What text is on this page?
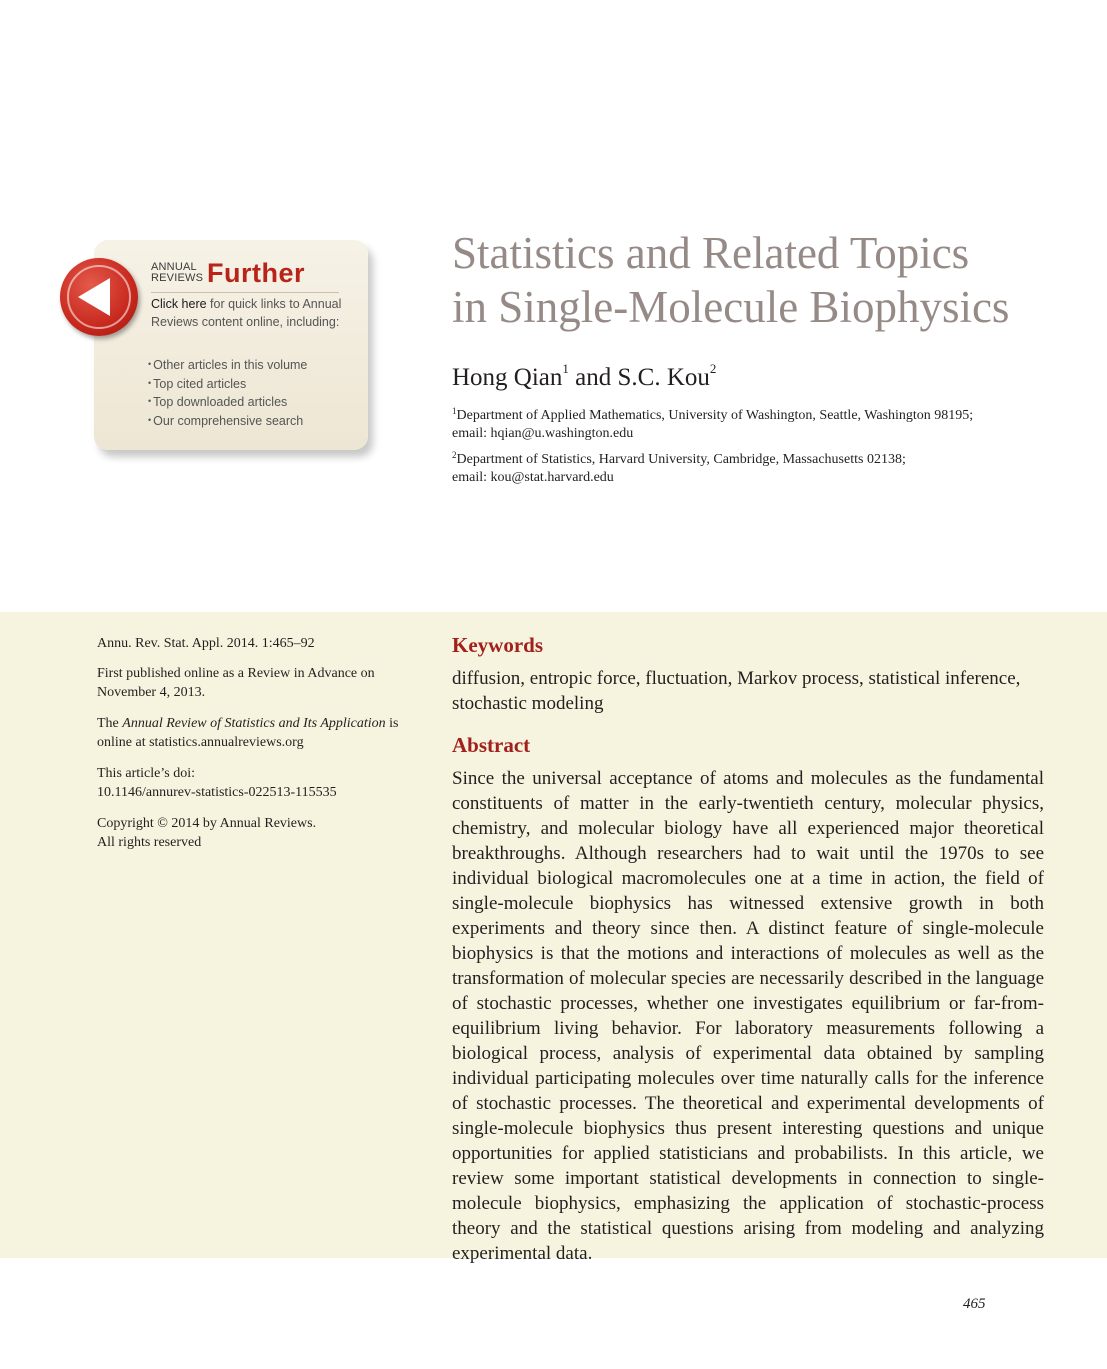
ANNUAL
REVIEWS Further
Click here for quick links to Annual Reviews content online, including:
• Other articles in this volume
• Top cited articles
• Top downloaded articles
• Our comprehensive search
Statistics and Related Topics
in Single-Molecule Biophysics
Hong Qian$^1$ and S.C. Kou$^2$
$^1$Department of Applied Mathematics, University of Washington, Seattle, Washington 98195;
email: hqian@u.washington.edu
$^2$Department of Statistics, Harvard University, Cambridge, Massachusetts 02138;
email: kou@stat.harvard.edu
Annu. Rev. Stat. Appl. 2014. 1:465–92
First published online as a Review in Advance on November 4, 2013.
The Annual Review of Statistics and Its Application is online at statistics.annualreviews.org
This article’s doi:
10.1146/annurev-statistics-022513-115535
Copyright © 2014 by Annual Reviews.
All rights reserved
Keywords
diffusion, entropic force, fluctuation, Markov process, statistical inference, stochastic modeling
Abstract

Since the universal acceptance of atoms and molecules as the fundamental constituents of matter in the early-twentieth century, molecular physics, chemistry, and molecular biology have all experienced major theoretical breakthroughs. Although researchers had to wait until the 1970s to see individual biological macromolecules one at a time in action, the field of single-molecule biophysics has witnessed extensive growth in both experiments and theory since then. A distinct feature of single-molecule biophysics is that the motions and interactions of molecules as well as the transformation of molecular species are necessarily described in the language of stochastic processes, whether one investigates equilibrium or far-from-equilibrium living behavior. For laboratory measurements following a biological process, analysis of experimental data obtained by sampling individual participating molecules over time naturally calls for the inference of stochastic processes. The theoretical and experimental developments of single-molecule biophysics thus present interesting questions and unique opportunities for applied statisticians and probabilists. In this article, we review some important statistical developments in connection to single-molecule biophysics, emphasizing the application of stochastic-process theory and the statistical questions arising from modeling and analyzing experimental data.

465
